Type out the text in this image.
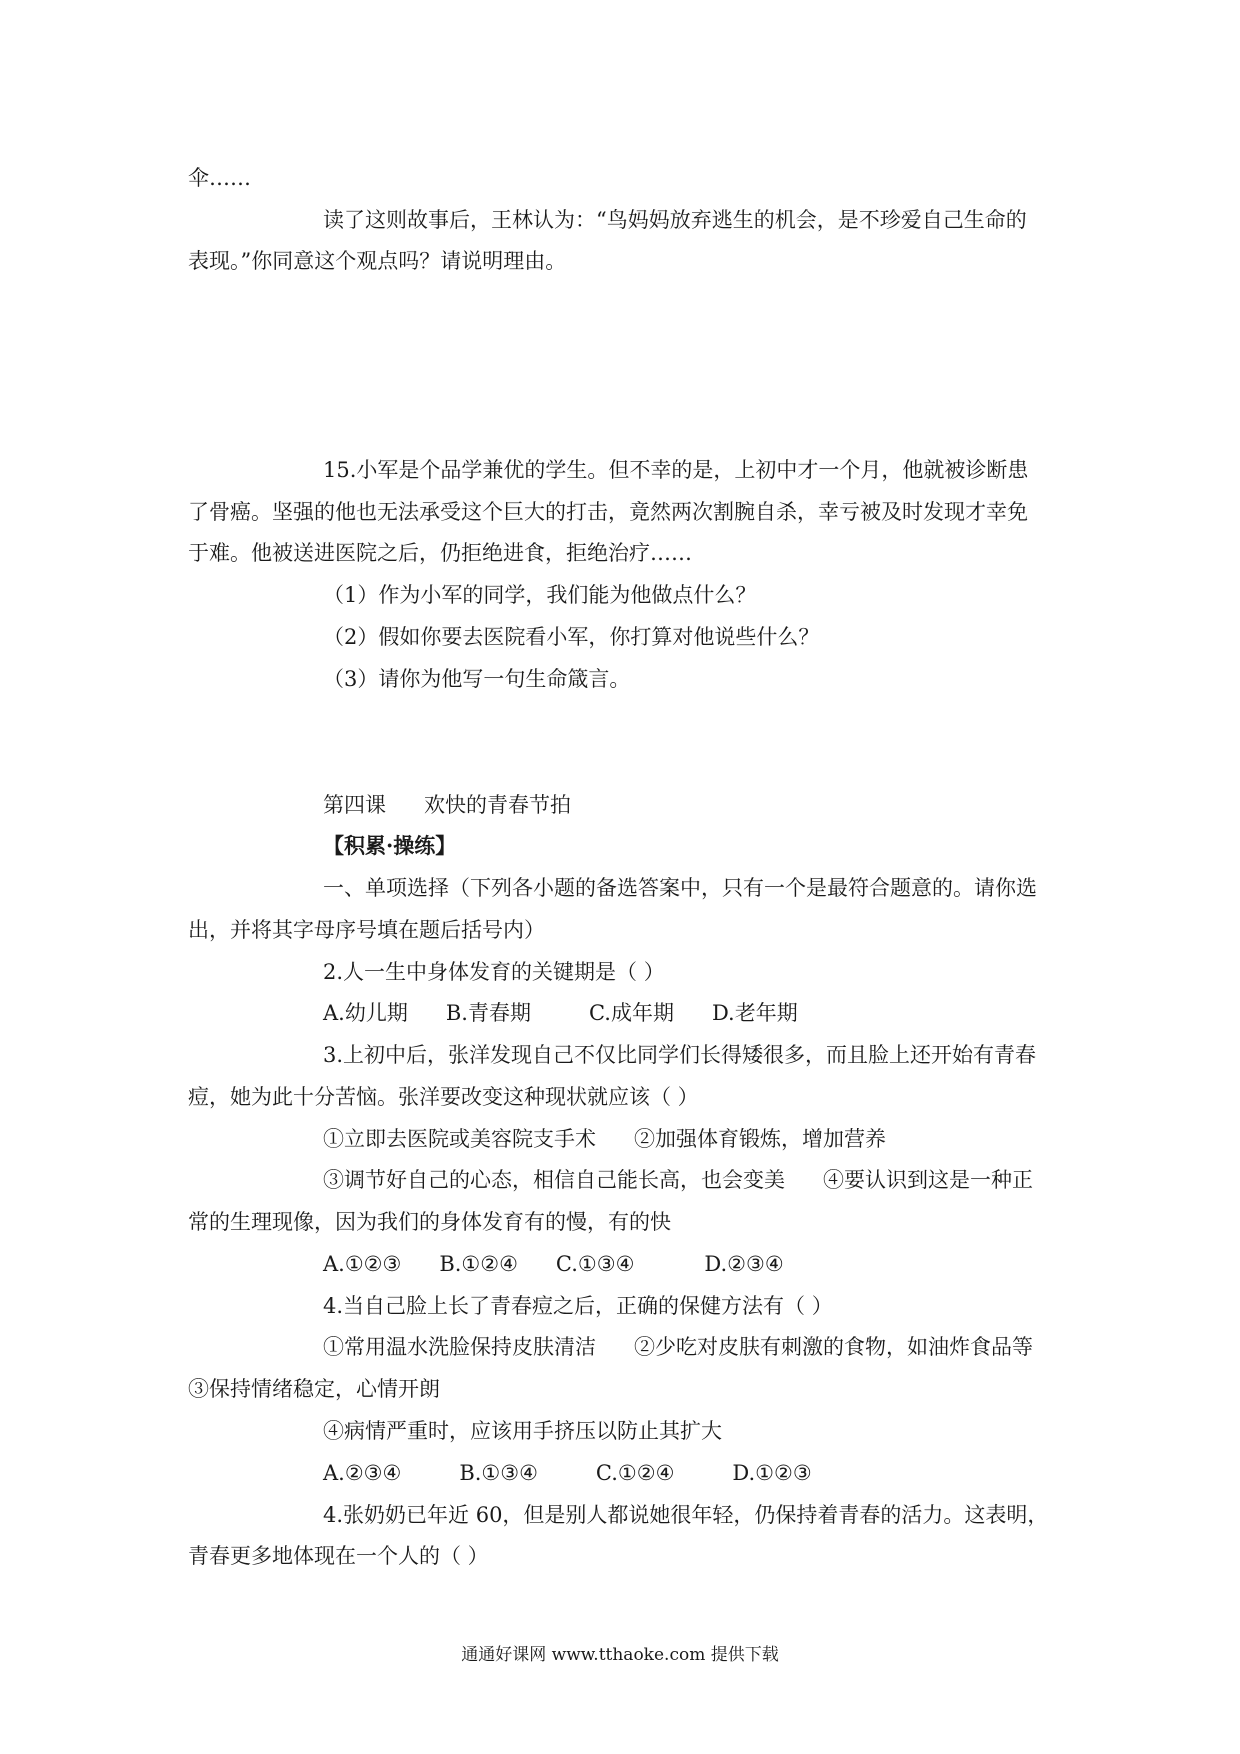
伞……
读了这则故事后，王林认为：“鸟妈妈放弃逃生的机会，是不珍爱自己生命的
表现。”你同意这个观点吗？请说明理由。
15.小军是个品学兼优的学生。但不幸的是，上初中才一个月，他就被诊断患
了骨癌。坚强的他也无法承受这个巨大的打击，竟然两次割腕自杀，幸亏被及时发现才幸免
于难。他被送进医院之后，仍拒绝进食，拒绝治疗……
（1）作为小军的同学，我们能为他做点什么？
（2）假如你要去医院看小军，你打算对他说些什么？
（3）请你为他写一句生命箴言。
第四课 欢快的青春节拍
【积累·操练】
一、单项选择（下列各小题的备选答案中，只有一个是最符合题意的。请你选
出，并将其字母序号填在题后括号内）
2.人一生中身体发育的关键期是（ ）
A.幼儿期 B.青春期	C.成年期 D.老年期
3.上初中后，张洋发现自己不仅比同学们长得矮很多，而且脸上还开始有青春
痘，她为此十分苦恼。张洋要改变这种现状就应该（ ）
①立即去医院或美容院支手术 ②加强体育锻炼，增加营养
③调节好自己的心态，相信自己能长高，也会变美 ④要认识到这是一种正
常的生理现像，因为我们的身体发育有的慢，有的快
A.①②③ B.①②④ C.①③④	D.②③④
4.当自己脸上长了青春痘之后，正确的保健方法有（ ）
①常用温水洗脸保持皮肤清洁 ②少吃对皮肤有刺激的食物，如油炸食品等
③保持情绪稳定，心情开朗
④病情严重时，应该用手挤压以防止其扩大
A.②③④	B.①③④	C.①②④	D.①②③
4.张奶奶已年近 60，但是别人都说她很年轻，仍保持着青春的活力。这表明，
青春更多地体现在一个人的（ ）
通通好课网 www.tthaoke.com 提供下载
